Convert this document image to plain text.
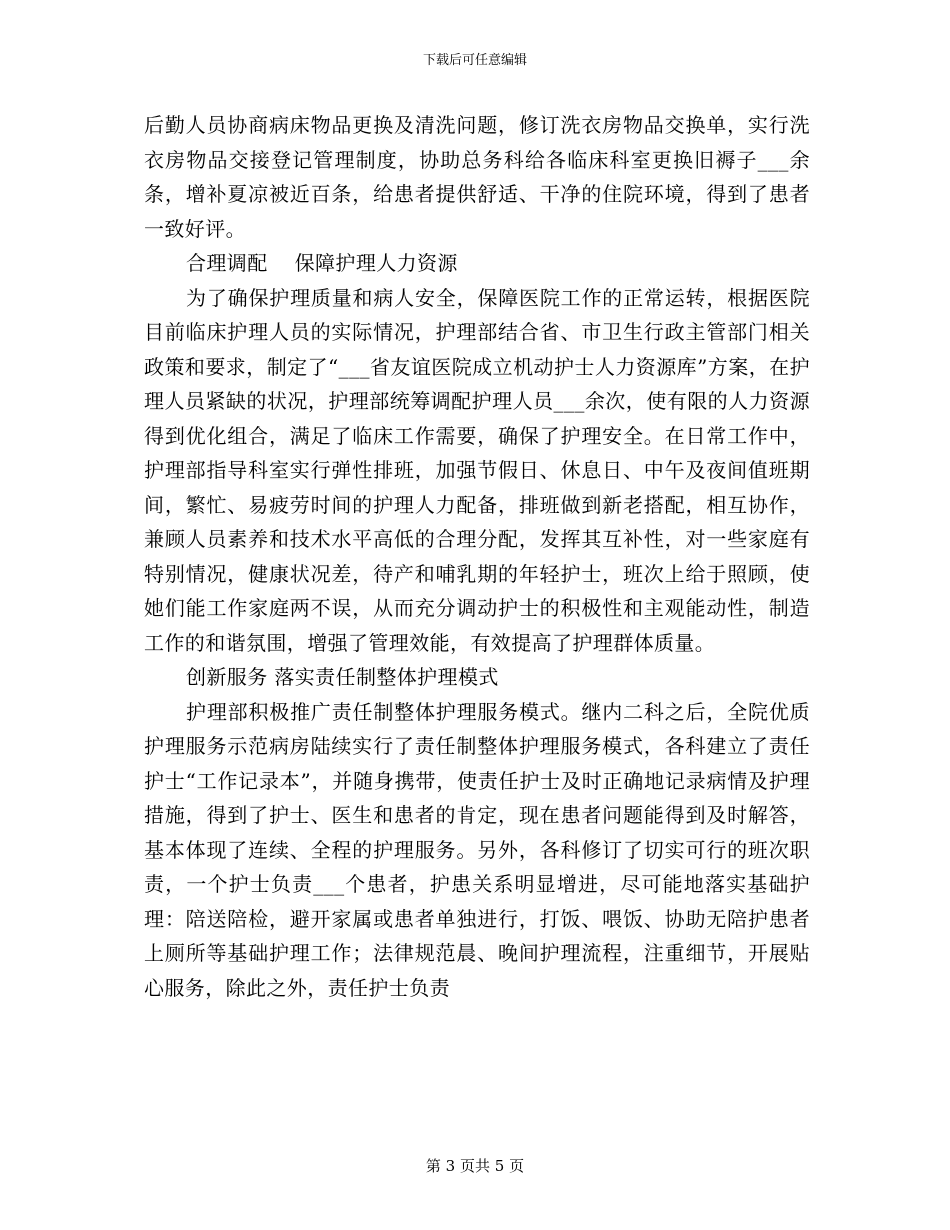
下载后可任意编辑

后勤人员协商病床物品更换及清洗问题，修订洗衣房物品交换单，实行洗衣房物品交接登记管理制度，协助总务科给各临床科室更换旧褥子___余条，增补夏凉被近百条，给患者提供舒适、干净的住院环境，得到了患者一致好评。

合理调配    保障护理人力资源

为了确保护理质量和病人安全，保障医院工作的正常运转，根据医院目前临床护理人员的实际情况，护理部结合省、市卫生行政主管部门相关政策和要求，制定了“___省友谊医院成立机动护士人力资源库”方案，在护理人员紧缺的状况，护理部统筹调配护理人员___余次，使有限的人力资源得到优化组合，满足了临床工作需要，确保了护理安全。在日常工作中，护理部指导科室实行弹性排班，加强节假日、休息日、中午及夜间值班期间，繁忙、易疲劳时间的护理人力配备，排班做到新老搭配，相互协作，兼顾人员素养和技术水平高低的合理分配，发挥其互补性，对一些家庭有特别情况，健康状况差，待产和哺乳期的年轻护士，班次上给于照顾，使她们能工作家庭两不误，从而充分调动护士的积极性和主观能动性，制造工作的和谐氛围，增强了管理效能，有效提高了护理群体质量。

创新服务 落实责任制整体护理模式

护理部积极推广责任制整体护理服务模式。继内二科之后，全院优质护理服务示范病房陆续实行了责任制整体护理服务模式，各科建立了责任护士“工作记录本”，并随身携带，使责任护士及时正确地记录病情及护理措施，得到了护士、医生和患者的肯定，现在患者问题能得到及时解答，基本体现了连续、全程的护理服务。另外，各科修订了切实可行的班次职责，一个护士负责___个患者，护患关系明显增进，尽可能地落实基础护理：陪送陪检，避开家属或患者单独进行，打饭、喂饭、协助无陪护患者上厕所等基础护理工作；法律规范晨、晚间护理流程，注重细节，开展贴心服务，除此之外，责任护士负责

第 3 页共 5 页
